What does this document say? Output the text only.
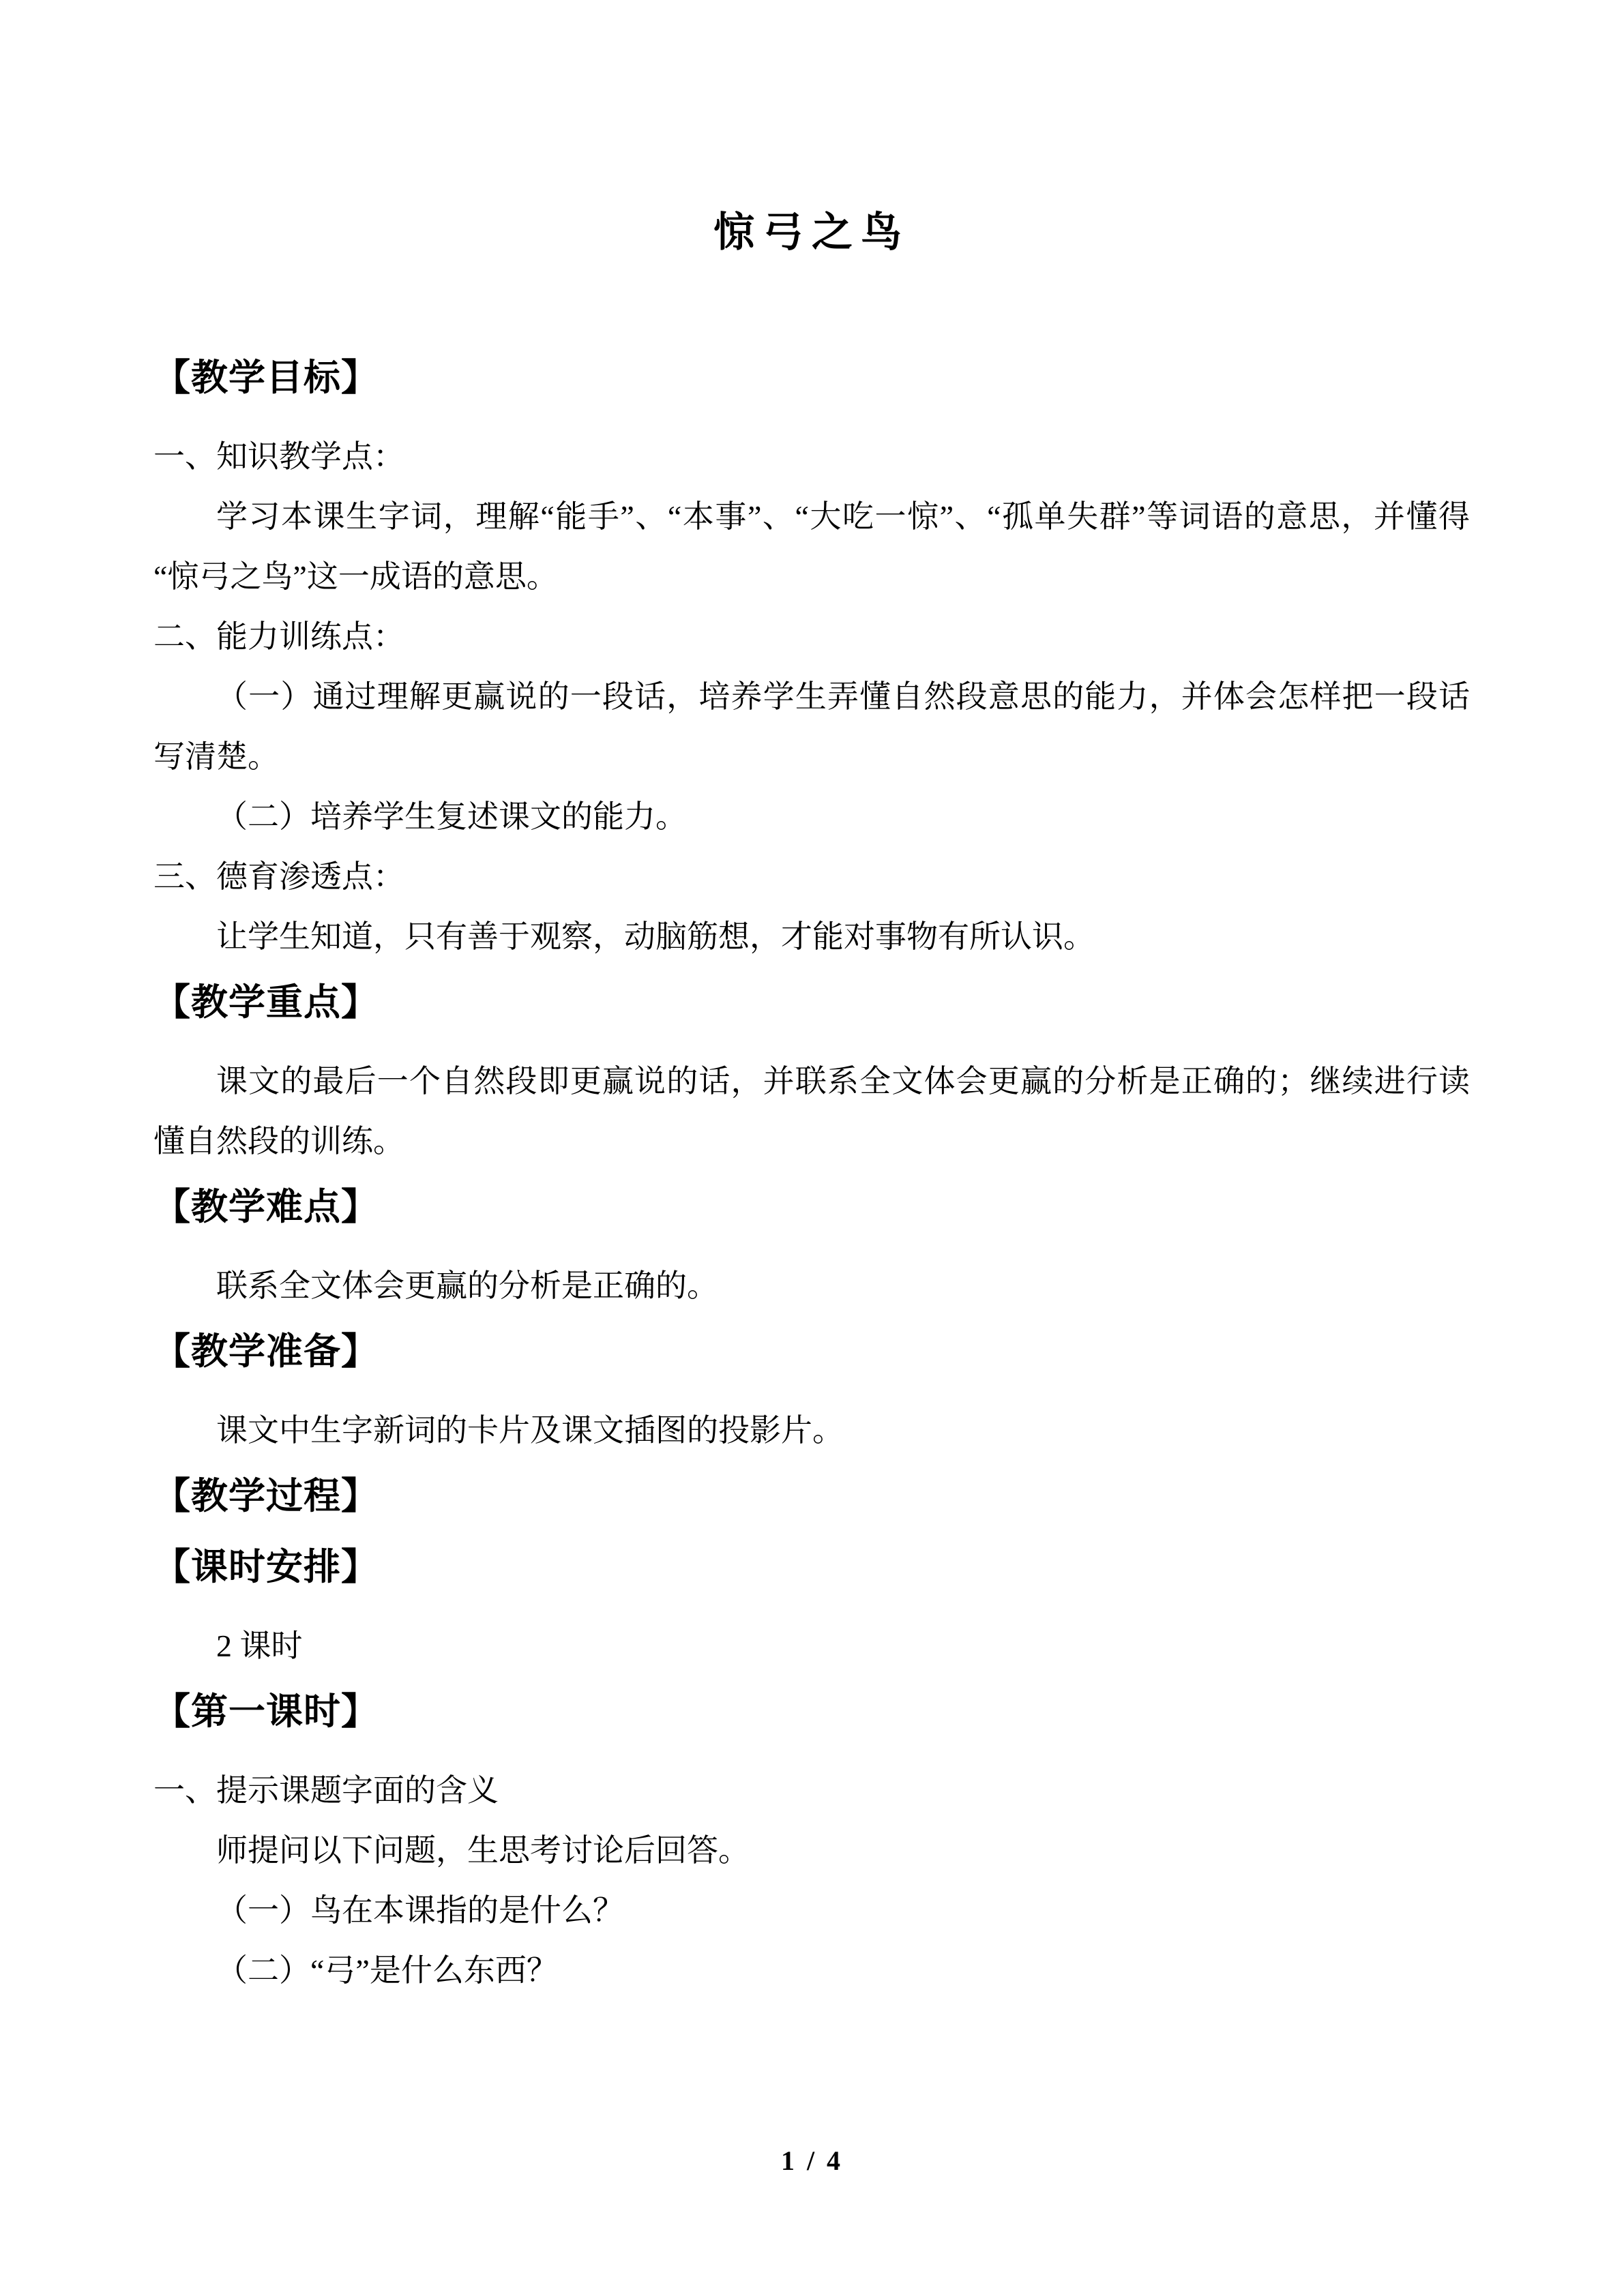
惊弓之鸟
【教学目标】

一、知识教学点：

学习本课生字词，理解“能手”、“本事”、“大吃一惊”、“孤单失群”等词语的意思，并懂得“惊弓之鸟”这一成语的意思。

二、能力训练点：

（一）通过理解更赢说的一段话，培养学生弄懂自然段意思的能力，并体会怎样把一段话写清楚。

（二）培养学生复述课文的能力。

三、德育渗透点：

让学生知道，只有善于观察，动脑筋想，才能对事物有所认识。

【教学重点】

课文的最后一个自然段即更赢说的话，并联系全文体会更赢的分析是正确的；继续进行读懂自然段的训练。

【教学难点】

联系全文体会更赢的分析是正确的。

【教学准备】

课文中生字新词的卡片及课文插图的投影片。

【教学过程】
【课时安排】

2 课时

【第一课时】

一、提示课题字面的含义

师提问以下问题，生思考讨论后回答。

（一）鸟在本课指的是什么？

（二）“弓”是什么东西？

1 / 4
